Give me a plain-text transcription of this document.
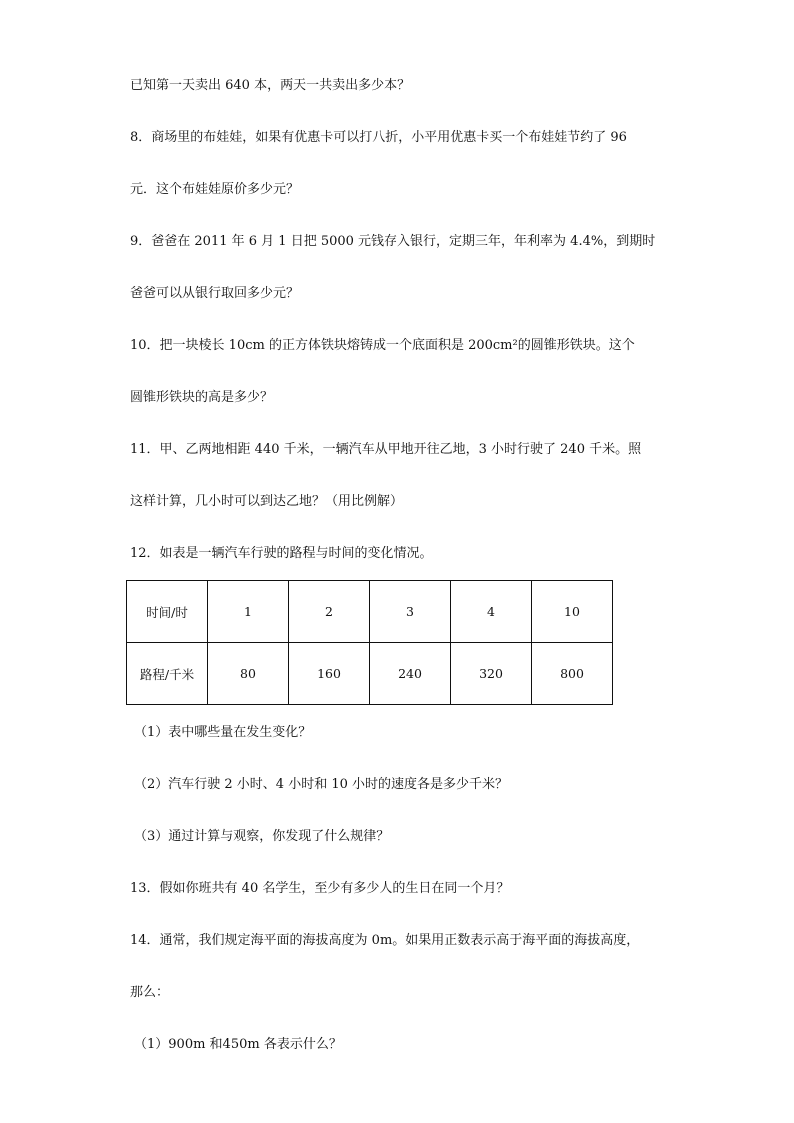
已知第一天卖出 640 本，两天一共卖出多少本？
8．商场里的布娃娃，如果有优惠卡可以打八折，小平用优惠卡买一个布娃娃节约了 96
元．这个布娃娃原价多少元？
9．爸爸在 2011 年 6 月 1 日把 5000 元钱存入银行，定期三年，年利率为 4.4%，到期时
爸爸可以从银行取回多少元？
10．把一块棱长 10cm 的正方体铁块熔铸成一个底面积是 200cm²的圆锥形铁块。这个
圆锥形铁块的高是多少？
11．甲、乙两地相距 440 千米，一辆汽车从甲地开往乙地，3 小时行驶了 240 千米。照
这样计算，几小时可以到达乙地？（用比例解）
12．如表是一辆汽车行驶的路程与时间的变化情况。
时间/时	1	2	3	4	10
路程/千米	80	160	240	320	800
（1）表中哪些量在发生变化？
（2）汽车行驶 2 小时、4 小时和 10 小时的速度各是多少千米？
（3）通过计算与观察，你发现了什么规律？
13．假如你班共有 40 名学生，至少有多少人的生日在同一个月？
14．通常，我们规定海平面的海拔高度为 0m。如果用正数表示高于海平面的海拔高度，
那么：
（1）900m 和450m 各表示什么？
